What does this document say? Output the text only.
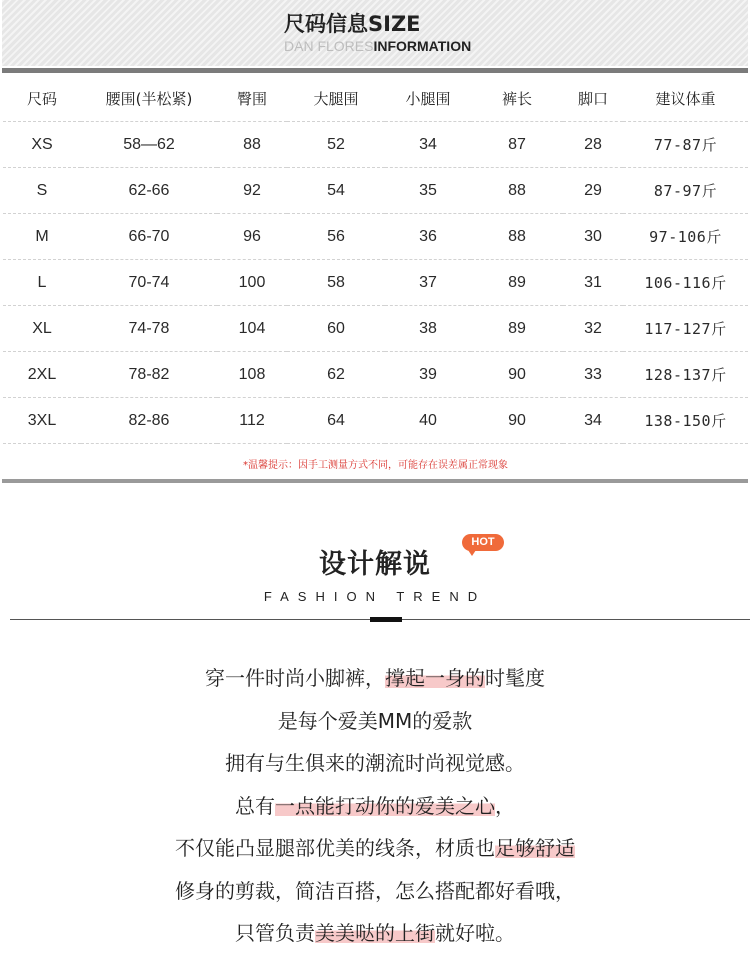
尺码信息SIZE
DAN FLORESINFORMATION
尺码	腰围(半松紧)	臀围	大腿围	小腿围	裤长	脚口	建议体重
XS	58—62	88	52	34	87	28	77-87斤
S	62-66	92	54	35	88	29	87-97斤
M	66-70	96	56	36	88	30	97-106斤
L	70-74	100	58	37	89	31	106-116斤
XL	74-78	104	60	38	89	32	117-127斤
2XL	78-82	108	62	39	90	33	128-137斤
3XL	82-86	112	64	40	90	34	138-150斤
*温馨提示：因手工测量方式不同，可能存在误差属正常现象							
设计解说
HOT
FASHION TREND
穿一件时尚小脚裤，撑起一身的时髦度
是每个爱美MM的爱款
拥有与生俱来的潮流时尚视觉感。
总有一点能打动你的爱美之心，
不仅能凸显腿部优美的线条，材质也足够舒适
修身的剪裁，简洁百搭，怎么搭配都好看哦，
只管负责美美哒的上街就好啦。
